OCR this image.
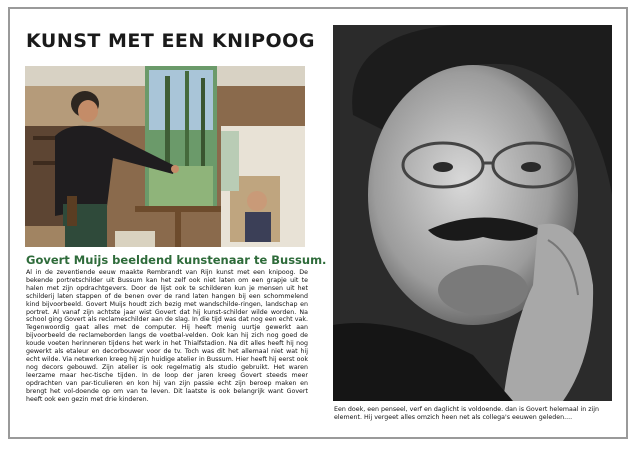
KUNST MET EEN KNIPOOG
Govert Muijs beeldend kunstenaar te Bussum.
Al in de zeventiende eeuw maakte Rembrandt van Rijn kunst met een knipoog. De bekende portretschilder uit Bussum kan het zelf ook niet laten om een grapje uit te halen met zijn opdrachtgevers. Door de lijst ook te schilderen kun je mensen uit het schilderij laten stappen of de benen over de rand laten hangen bij een schommelend kind bijvoorbeeld. Govert Muijs houdt zich bezig met wandschilde-ringen, landschap en portret. Al vanaf zijn achtste jaar wist Govert dat hij kunst-schilder wilde worden. Na school ging Govert als reclameschilder aan de slag. In die tijd was dat nog een echt vak. Tegenwoordig gaat alles met de computer. Hij heeft menig uurtje gewerkt aan bijvoorbeeld de reclameborden langs de voetbal-velden. Ook kan hij zich nog goed de koude voeten herinneren tijdens het werk in het Thialfstadion. Na dit alles heeft hij nog gewerkt als etaleur en decorbouwer voor de tv. Toch was dit het allemaal niet wat hij echt wilde. Via netwerken kreeg hij zijn huidige atelier in Bussum. Hier heeft hij eerst ook nog decors gebouwd. Zijn atelier is ook regelmatig als studio gebruikt. Het waren leerzame maar hec-tische tijden. In de loop der jaren kreeg Govert steeds meer opdrachten van par-ticulieren en kon hij van zijn passie echt zijn beroep maken en brengt het vol-doende op om van te leven. Dit laatste is ook belangrijk want Govert heeft ook een gezin met drie kinderen.
Een doek, een penseel, verf en daglicht is voldoende. dan is Govert helemaal in zijn element. Hij vergeet alles omzich heen net als collega's eeuwen geleden....
